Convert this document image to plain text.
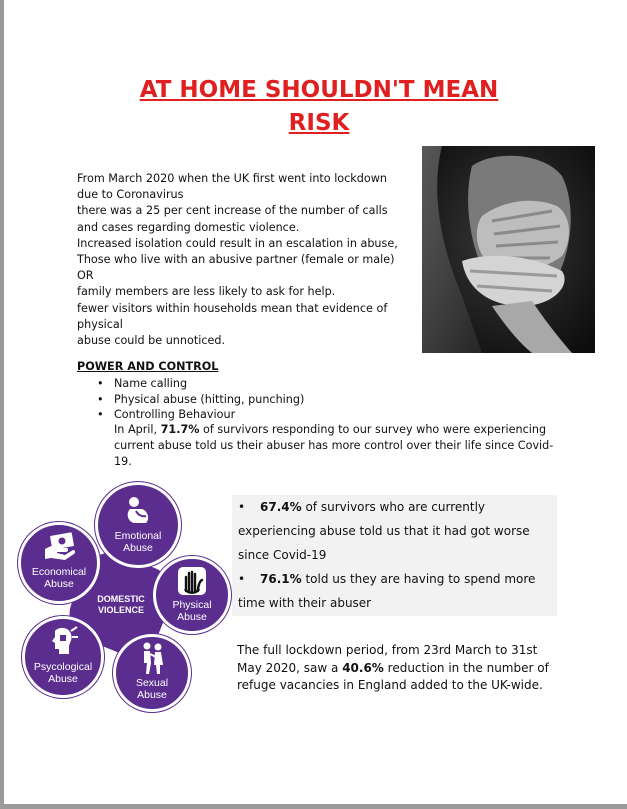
AT HOME SHOULDN'T MEAN
RISK
From March 2020 when the UK first went into lockdown
due to Coronavirus
there was a 25 per cent increase of the number of calls
and cases regarding domestic violence.
Increased isolation could result in an escalation in abuse,
Those who live with an abusive partner (female or male)
OR
family members are less likely to ask for help.
fewer visitors within households mean that evidence of
physical
abuse could be unnoticed.
POWER AND CONTROL
• Name calling
• Physical abuse (hitting, punching)
• Controlling Behaviour
In April, 71.7% of survivors responding to our survey who were experiencing current abuse told us their abuser has more control over their life since Covid-19.
DOMESTIC
VIOLENCE
Emotional
Abuse
Physical
Abuse
Sexual
Abuse
Psycological
Abuse
Economical
Abuse
• 67.4% of survivors who are currently
experiencing abuse told us that it had got worse
since Covid-19
• 76.1% told us they are having to spend more
time with their abuser
The full lockdown period, from 23rd March to 31st May 2020, saw a 40.6% reduction in the number of refuge vacancies in England added to the UK-wide.
